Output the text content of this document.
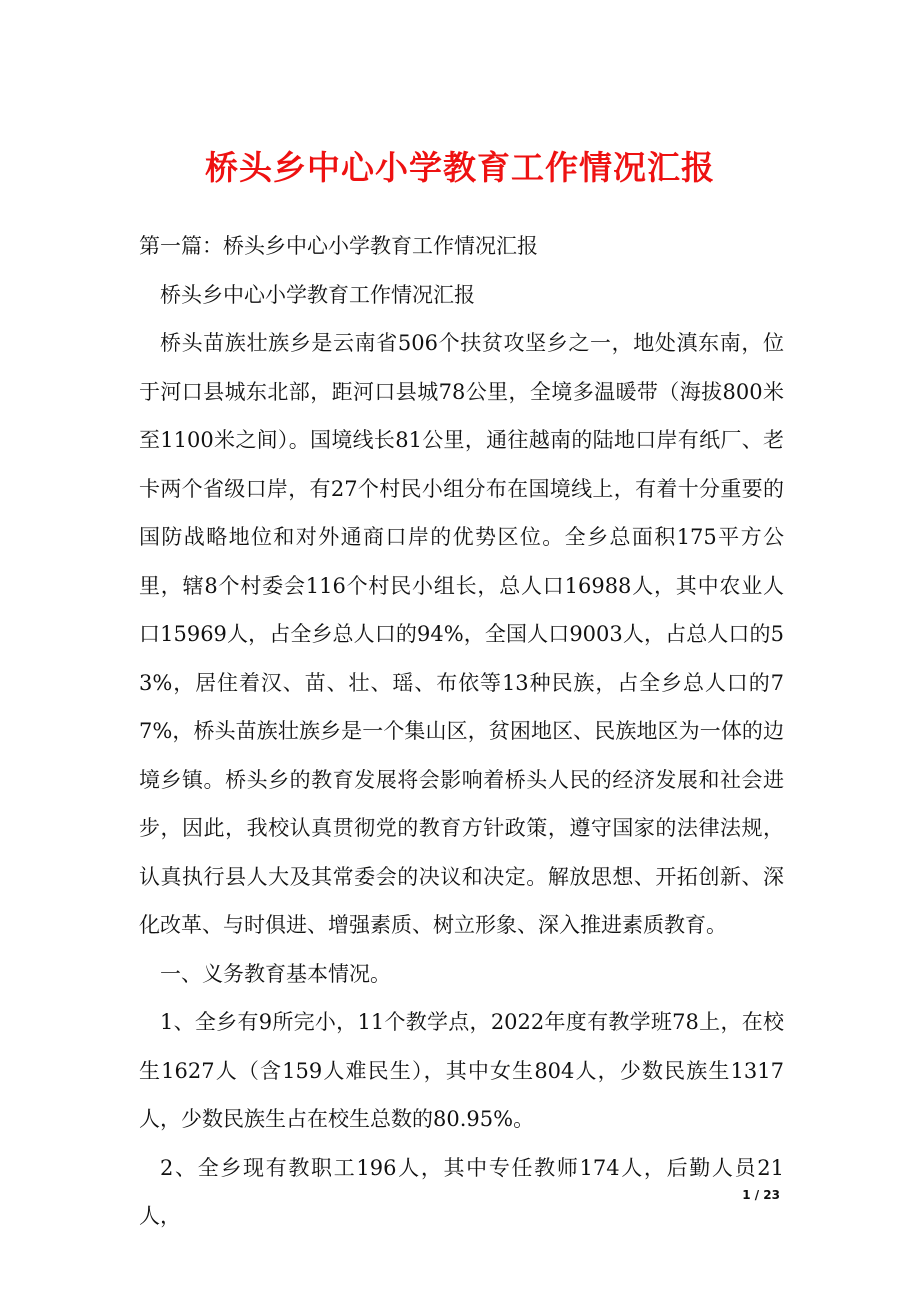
桥头乡中心小学教育工作情况汇报

第一篇：桥头乡中心小学教育工作情况汇报

桥头乡中心小学教育工作情况汇报

桥头苗族壮族乡是云南省506个扶贫攻坚乡之一，地处滇东南，位于河口县城东北部，距河口县城78公里，全境多温暖带（海拔800米至1100米之间）。国境线长81公里，通往越南的陆地口岸有纸厂、老卡两个省级口岸，有27个村民小组分布在国境线上，有着十分重要的国防战略地位和对外通商口岸的优势区位。全乡总面积175平方公里，辖8个村委会116个村民小组长，总人口16988人，其中农业人口15969人，占全乡总人口的94%，全国人口9003人，占总人口的53%，居住着汉、苗、壮、瑶、布依等13种民族，占全乡总人口的77%，桥头苗族壮族乡是一个集山区，贫困地区、民族地区为一体的边境乡镇。桥头乡的教育发展将会影响着桥头人民的经济发展和社会进步，因此，我校认真贯彻党的教育方针政策，遵守国家的法律法规，认真执行县人大及其常委会的决议和决定。解放思想、开拓创新、深化改革、与时俱进、增强素质、树立形象、深入推进素质教育。

一、义务教育基本情况。

1、全乡有9所完小，11个教学点，2022年度有教学班78上，在校生1627人（含159人难民生），其中女生804人，少数民族生1317人，少数民族生占在校生总数的80.95%。

2、全乡现有教职工196人，其中专任教师174人，后勤人员21人，

1 / 23
